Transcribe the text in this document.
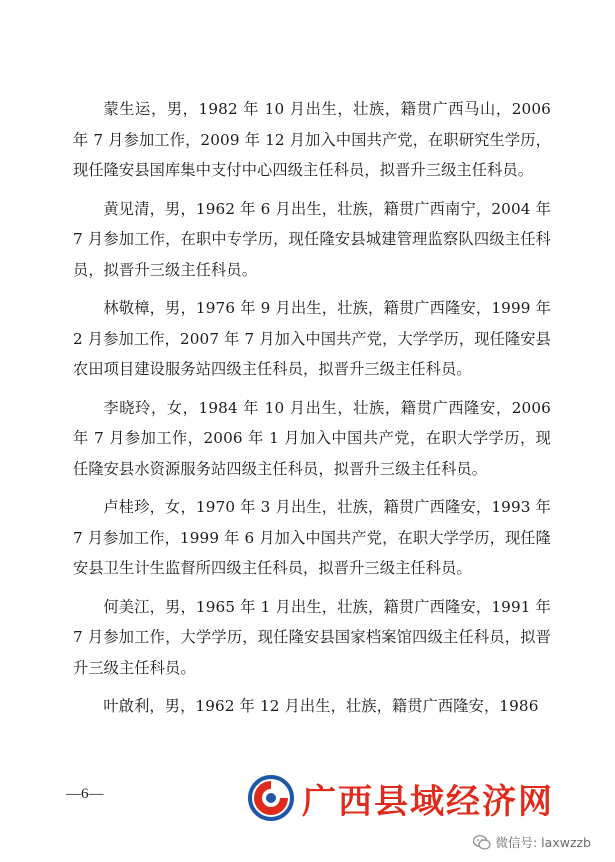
蒙生运，男，1982 年 10 月出生，壮族，籍贯广西马山，2006 年 7 月参加工作，2009 年 12 月加入中国共产党，在职研究生学历，现任隆安县国库集中支付中心四级主任科员，拟晋升三级主任科员。

黄见清，男，1962 年 6 月出生，壮族，籍贯广西南宁，2004 年 7 月参加工作，在职中专学历，现任隆安县城建管理监察队四级主任科员，拟晋升三级主任科员。

林敬樟，男，1976 年 9 月出生，壮族，籍贯广西隆安，1999 年 2 月参加工作，2007 年 7 月加入中国共产党，大学学历，现任隆安县农田项目建设服务站四级主任科员，拟晋升三级主任科员。

李晓玲，女，1984 年 10 月出生，壮族，籍贯广西隆安，2006 年 7 月参加工作，2006 年 1 月加入中国共产党，在职大学学历，现任隆安县水资源服务站四级主任科员，拟晋升三级主任科员。

卢桂珍，女，1970 年 3 月出生，壮族，籍贯广西隆安，1993 年 7 月参加工作，1999 年 6 月加入中国共产党，在职大学学历，现任隆安县卫生计生监督所四级主任科员，拟晋升三级主任科员。

何美江，男，1965 年 1 月出生，壮族，籍贯广西隆安，1991 年 7 月参加工作，大学学历，现任隆安县国家档案馆四级主任科员，拟晋升三级主任科员。

叶啟利，男，1962 年 12 月出生，壮族，籍贯广西隆安，1986

—6—	广西县域经济网
微信号: laxwzzb
